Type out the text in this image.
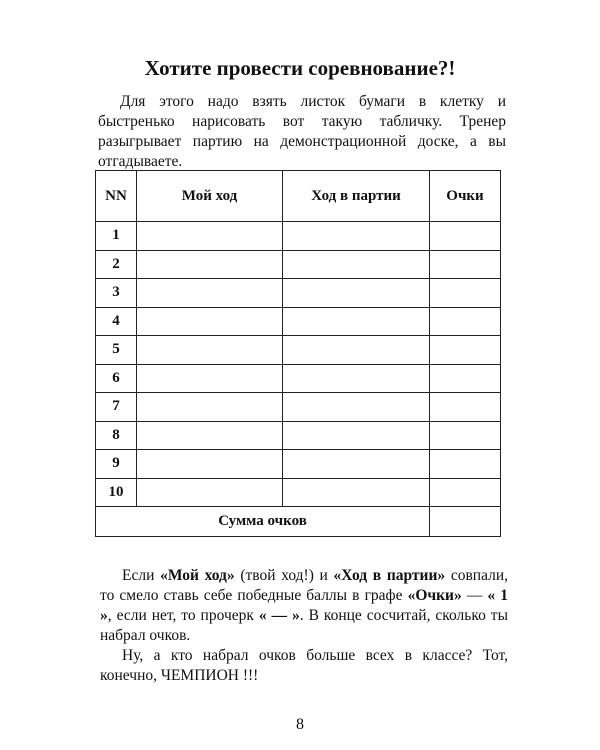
Хотите провести соревнование?!

Для этого надо взять листок бумаги в клетку и быстренько нарисовать вот такую табличку. Тренер разыгрывает партию на демонстрационной доске, а вы отгадываете.

NN	Мой ход	Ход в партии	Очки
1			
2			
3			
4			
5			
6			
7			
8			
9			
10			
Сумма очков			

Если «Мой ход» (твой ход!) и «Ход в партии» совпали, то смело ставь себе победные баллы в графе «Очки» — « 1 », если нет, то прочерк « — ». В конце сосчитай, сколько ты набрал очков.

Ну, а кто набрал очков больше всех в классе? Тот, конечно, ЧЕМПИОН !!!

8
